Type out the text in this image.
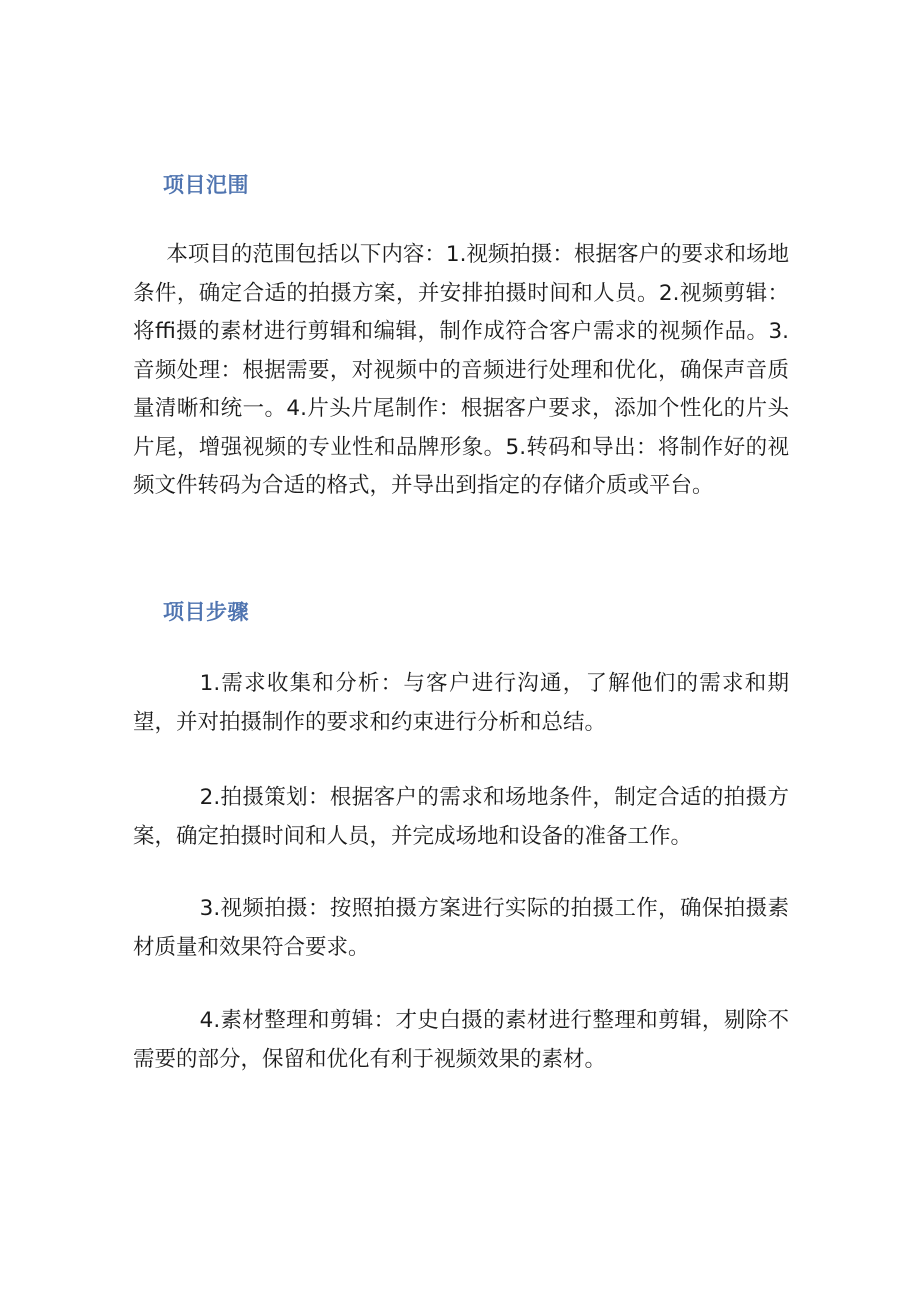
项目汜围

本项目的范围包括以下内容：1.视频拍摄：根据客户的要求和场地条件，确定合适的拍摄方案，并安排拍摄时间和人员。2.视频剪辑：将ffi摄的素材进行剪辑和编辑，制作成符合客户需求的视频作品。3.音频处理：根据需要，对视频中的音频进行处理和优化，确保声音质量清晰和统一。4.片头片尾制作：根据客户要求，添加个性化的片头片尾，增强视频的专业性和品牌形象。5.转码和导出：将制作好的视频文件转码为合适的格式，并导出到指定的存储介质或平台。

项目步骤

1.需求收集和分析：与客户进行沟通，了解他们的需求和期望，并对拍摄制作的要求和约束进行分析和总结。

2.拍摄策划：根据客户的需求和场地条件，制定合适的拍摄方案，确定拍摄时间和人员，并完成场地和设备的准备工作。

3.视频拍摄：按照拍摄方案进行实际的拍摄工作，确保拍摄素材质量和效果符合要求。

4.素材整理和剪辑：才史白摄的素材进行整理和剪辑，剔除不需要的部分，保留和优化有利于视频效果的素材。
